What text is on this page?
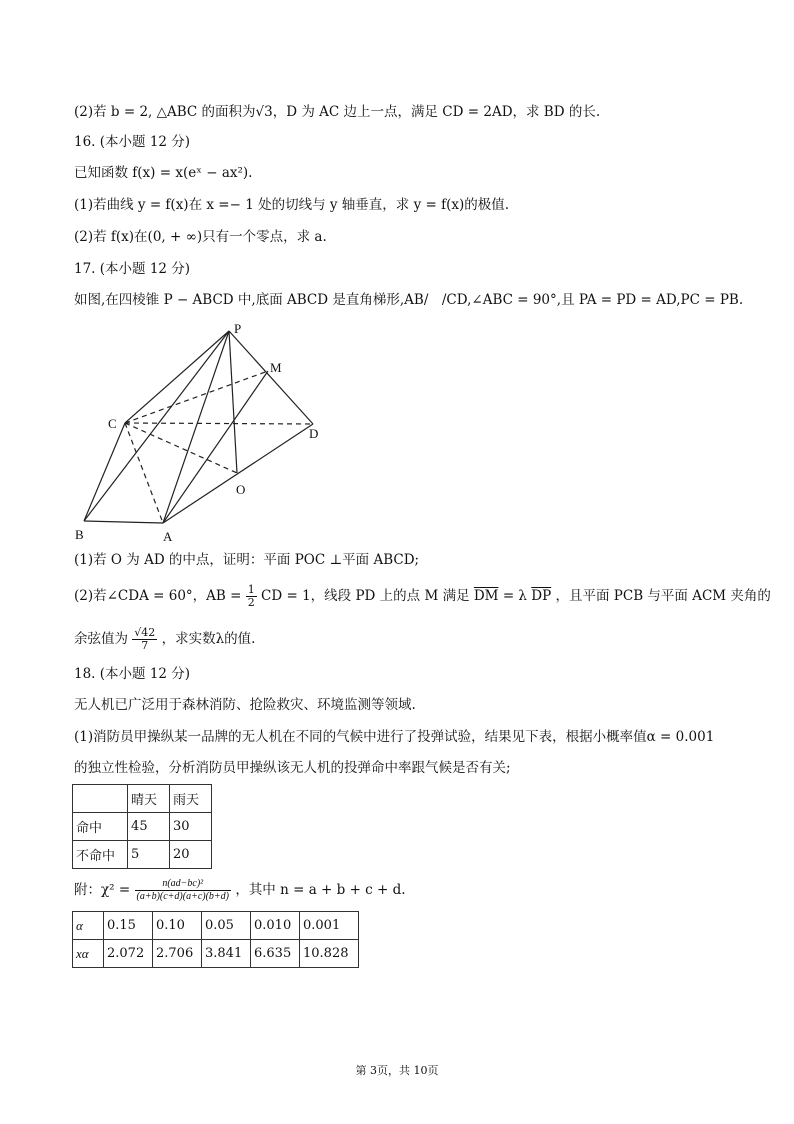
(2)若 b = 2, △ABC 的面积为√3，D 为 AC 边上一点，满足 CD = 2AD，求 BD 的长.
16. (本小题 12 分)
已知函数 f(x) = x(eˣ − ax²).
(1)若曲线 y = f(x)在 x =− 1 处的切线与 y 轴垂直，求 y = f(x)的极值.
(2)若 f(x)在(0, + ∞)只有一个零点，求 a.
17. (本小题 12 分)
如图,在四棱锥 P − ABCD 中,底面 ABCD 是直角梯形,AB/　/CD,∠ABC = 90°,且 PA = PD = AD,PC = PB.
P
M
C
D
O
B	A
(1)若 O 为 AD 的中点，证明：平面 POC ⊥平面 ABCD;
(2)若∠CDA = 60°，AB = $\frac{1}{2}$ CD = 1，线段 PD 上的点 M 满足 $\overline{DM} = \lambda$ $\overline{DP}$ ，且平面 PCB 与平面 ACM 夹角的
余弦值为 $\frac{√42}{7}$ ，求实数λ的值.
18. (本小题 12 分)
无人机已广泛用于森林消防、抢险救灾、环境监测等领域.
(1)消防员甲操纵某一品牌的无人机在不同的气候中进行了投弹试验，结果见下表，根据小概率值α = 0.001
的独立性检验，分析消防员甲操纵该无人机的投弹命中率跟气候是否有关;
	晴天	雨天
命中	45	30
不命中	5	20
附：$\chi^2 = \frac{\text{n(ad−bc)²}}{(a+b)(c+d)(a+c)(b+d)}$ ，其中 n = a + b + c + d.
α	0.15	0.10	0.05	0.010	0.001
xα	2.072	2.706	3.841	6.635	10.828
第 3页，共 10页
